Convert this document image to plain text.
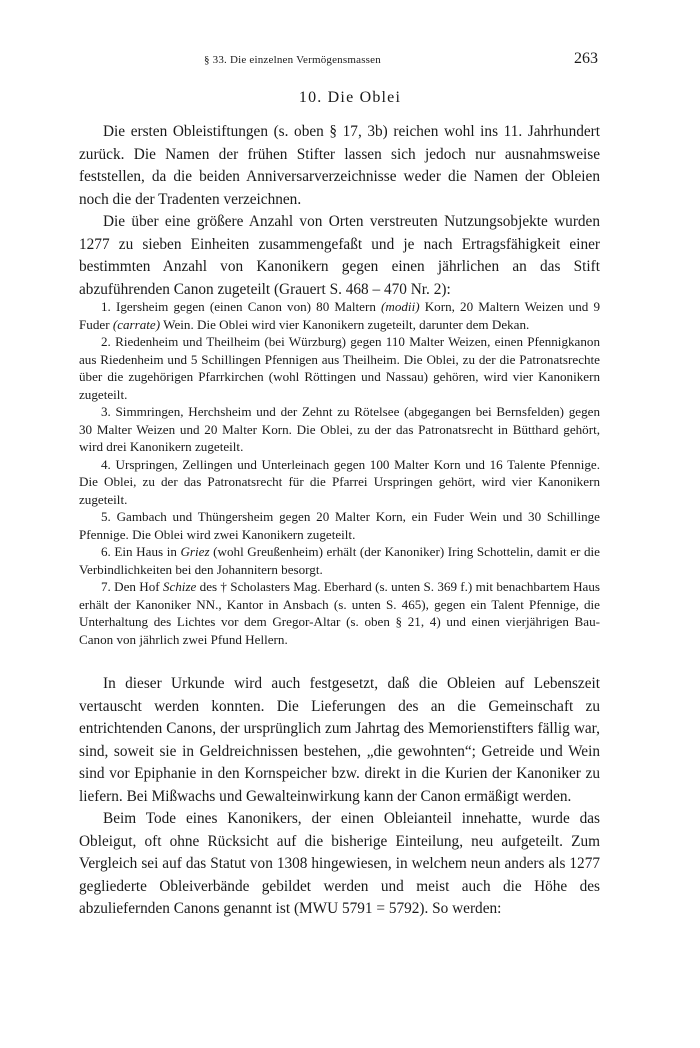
§ 33. Die einzelnen Vermögensmassen	263
10. Die Oblei

Die ersten Obleistiftungen (s. oben § 17, 3b) reichen wohl ins 11. Jahrhundert zurück. Die Namen der frühen Stifter lassen sich jedoch nur ausnahmsweise feststellen, da die beiden Anniversarverzeichnisse weder die Namen der Obleien noch die der Tradenten verzeichnen.

Die über eine größere Anzahl von Orten verstreuten Nutzungsobjekte wurden 1277 zu sieben Einheiten zusammengefaßt und je nach Ertragsfähigkeit einer bestimmten Anzahl von Kanonikern gegen einen jährlichen an das Stift abzuführenden Canon zugeteilt (Grauert S. 468 – 470 Nr. 2):

1. Igersheim gegen (einen Canon von) 80 Maltern (modii) Korn, 20 Maltern Weizen und 9 Fuder (carrate) Wein. Die Oblei wird vier Kanonikern zugeteilt, darunter dem Dekan.

2. Riedenheim und Theilheim (bei Würzburg) gegen 110 Malter Weizen, einen Pfennigkanon aus Riedenheim und 5 Schillingen Pfennigen aus Theilheim. Die Oblei, zu der die Patronatsrechte über die zugehörigen Pfarrkirchen (wohl Röttingen und Nassau) gehören, wird vier Kanonikern zugeteilt.

3. Simmringen, Herchsheim und der Zehnt zu Rötelsee (abgegangen bei Bernsfelden) gegen 30 Malter Weizen und 20 Malter Korn. Die Oblei, zu der das Patronatsrecht in Bütthard gehört, wird drei Kanonikern zugeteilt.

4. Urspringen, Zellingen und Unterleinach gegen 100 Malter Korn und 16 Talente Pfennige. Die Oblei, zu der das Patronatsrecht für die Pfarrei Urspringen gehört, wird vier Kanonikern zugeteilt.

5. Gambach und Thüngersheim gegen 20 Malter Korn, ein Fuder Wein und 30 Schillinge Pfennige. Die Oblei wird zwei Kanonikern zugeteilt.

6. Ein Haus in Griez (wohl Greußenheim) erhält (der Kanoniker) Iring Schottelin, damit er die Verbindlichkeiten bei den Johannitern besorgt.

7. Den Hof Schize des † Scholasters Mag. Eberhard (s. unten S. 369 f.) mit benachbartem Haus erhält der Kanoniker NN., Kantor in Ansbach (s. unten S. 465), gegen ein Talent Pfennige, die Unterhaltung des Lichtes vor dem Gregor-Altar (s. oben § 21, 4) und einen vierjährigen Bau-Canon von jährlich zwei Pfund Hellern.

In dieser Urkunde wird auch festgesetzt, daß die Obleien auf Lebenszeit vertauscht werden konnten. Die Lieferungen des an die Gemeinschaft zu entrichtenden Canons, der ursprünglich zum Jahrtag des Memorienstifters fällig war, sind, soweit sie in Geldreichnissen bestehen, „die gewohnten“; Getreide und Wein sind vor Epiphanie in den Kornspeicher bzw. direkt in die Kurien der Kanoniker zu liefern. Bei Mißwachs und Gewalteinwirkung kann der Canon ermäßigt werden.

Beim Tode eines Kanonikers, der einen Obleianteil innehatte, wurde das Obleigut, oft ohne Rücksicht auf die bisherige Einteilung, neu aufgeteilt. Zum Vergleich sei auf das Statut von 1308 hingewiesen, in welchem neun anders als 1277 gegliederte Obleiverbände gebildet werden und meist auch die Höhe des abzuliefernden Canons genannt ist (MWU 5791 = 5792). So werden:
